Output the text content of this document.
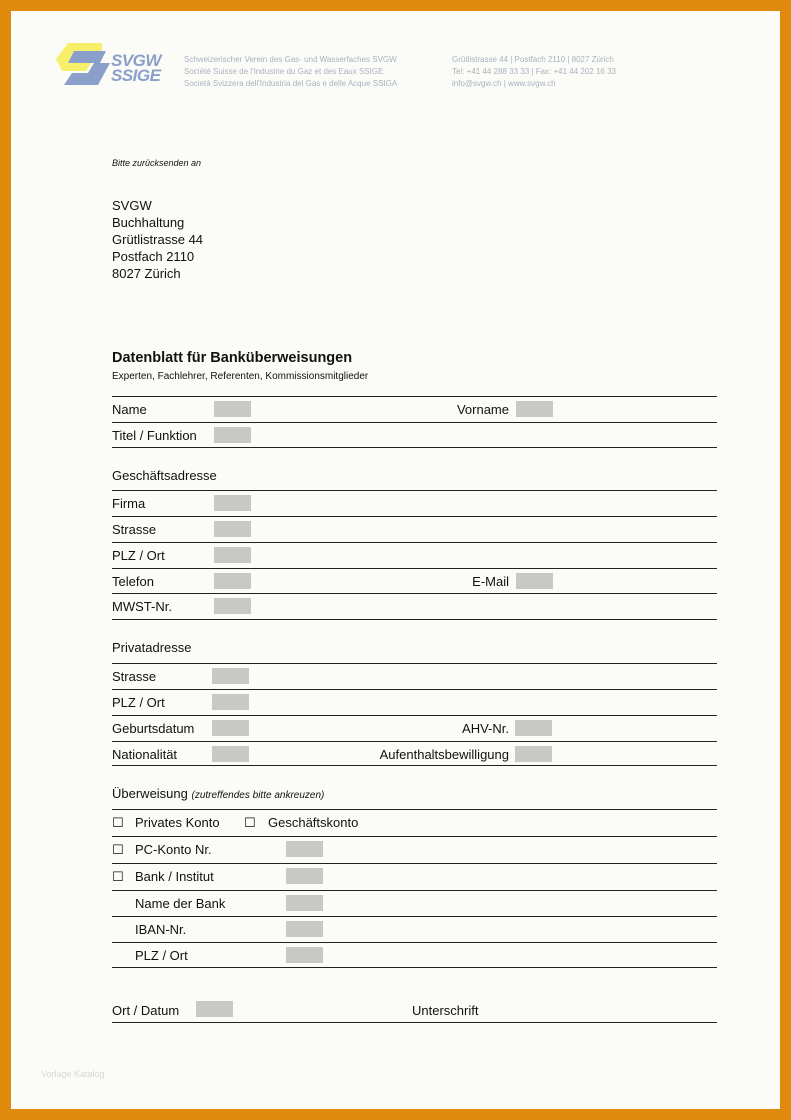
SVGW
SSIGE
Schweizerischer Verein des Gas- und Wasserfaches SVGW
Société Suisse de l'Industrie du Gaz et des Eaux SSIGE
Società Svizzera dell'Industria del Gas e delle Acque SSIGA
Grütlistrasse 44 | Postfach 2110 | 8027 Zürich
Tel: +41 44 288 33 33 | Fax: +41 44 202 16 33
info@svgw.ch | www.svgw.ch
Bitte zurücksenden an
SVGW
Buchhaltung
Grütlistrasse 44
Postfach 2110
8027 Zürich
Datenblatt für Banküberweisungen
Experten, Fachlehrer, Referenten, Kommissionsmitglieder
Name	Vorname
Titel / Funktion
Geschäftsadresse
Firma
Strasse
PLZ / Ort
Telefon	E-Mail
MWST-Nr.
Privatadresse
Strasse
PLZ / Ort
Geburtsdatum	AHV-Nr.
Nationalität	Aufenthaltsbewilligung
Überweisung (zutreffendes bitte ankreuzen)
☐ Privates Konto ☐ Geschäftskonto
☐ PC-Konto Nr.
☐ Bank / Institut
Name der Bank
IBAN-Nr.
PLZ / Ort
Ort / Datum	Unterschrift
Vorlage Katalog
